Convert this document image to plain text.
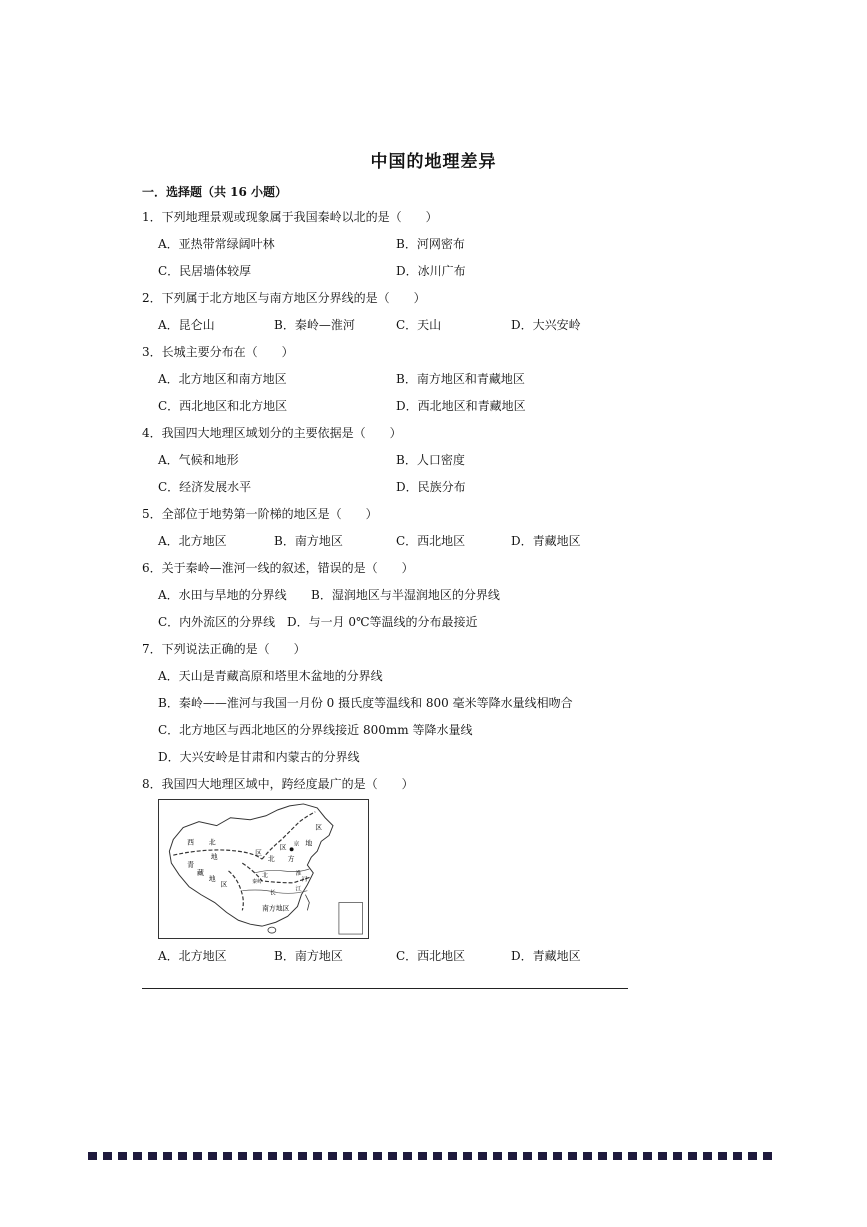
中国的地理差异
一．选择题（共 16 小题）
1．下列地理景观或现象属于我国秦岭以北的是（　　）
A．亚热带常绿阔叶林	B．河网密布
C．民居墙体较厚	D．冰川广布
2．下列属于北方地区与南方地区分界线的是（　　）
A．昆仑山	B．秦岭—淮河	C．天山	D．大兴安岭
3．长城主要分布在（　　）
A．北方地区和南方地区	B．南方地区和青藏地区
C．西北地区和北方地区	D．西北地区和青藏地区
4．我国四大地理区域划分的主要依据是（　　）
A．气候和地形	B．人口密度
C．经济发展水平	D．民族分布
5．全部位于地势第一阶梯的地区是（　　）
A．北方地区	B．南方地区	C．西北地区	D．青藏地区
6．关于秦岭—淮河一线的叙述，错误的是（　　）
A．水田与旱地的分界线 B．湿润地区与半湿润地区的分界线
C．内外流区的分界线 D．与一月 0℃等温线的分布最接近
7．下列说法正确的是（　　）
A．天山是青藏高原和塔里木盆地的分界线
B．秦岭——淮河与我国一月份 0 摄氏度等温线和 800 毫米等降水量线相吻合
C．北方地区与西北地区的分界线接近 800mm 等降水量线
D．大兴安岭是甘肃和内蒙古的分界线
8．我国四大地理区域中，跨经度最广的是（　　）
西 北
地	区
青
藏
地
区
北 方
地
区
南方地区
区
北
京
长
江
淮
河
秦岭
A．北方地区	B．南方地区	C．西北地区	D．青藏地区
